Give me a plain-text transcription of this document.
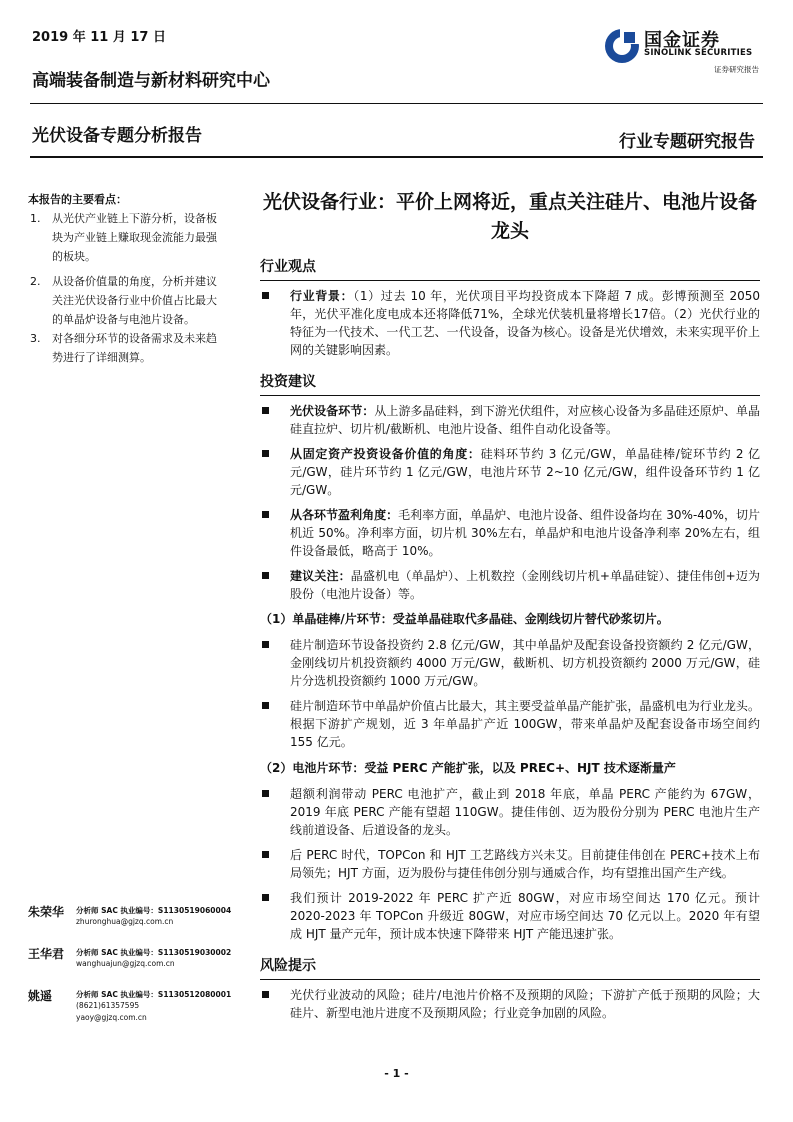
2019 年 11 月 17 日	国金证券
SINOLINK SECURITIES
证券研究报告
高端装备制造与新材料研究中心
光伏设备专题分析报告	行业专题研究报告
本报告的主要看点：
1. 从光伏产业链上下游分析，设备板块为产业链上赚取现金流能力最强的板块。
2. 从设备价值量的角度，分析并建议关注光伏设备行业中价值占比最大的单晶炉设备与电池片设备。
3. 对各细分环节的设备需求及未来趋势进行了详细测算。
朱荣华 分析师 SAC 执业编号：S1130519060004
zhuronghua@gjzq.com.cn
王华君 分析师 SAC 执业编号：S1130519030002
wanghuajun@gjzq.com.cn
姚遥	分析师 SAC 执业编号：S1130512080001
(8621)61357595
yaoy@gjzq.com.cn
光伏设备行业：平价上网将近，重点关注硅片、电池片设备龙头
行业观点
行业背景：（1）过去 10 年，光伏项目平均投资成本下降超 7 成。彭博预测至 2050 年，光伏平准化度电成本还将降低71%，全球光伏装机量将增长17倍。（2）光伏行业的特征为一代技术、一代工艺、一代设备，设备为核心。设备是光伏增效，未来实现平价上网的关键影响因素。
投资建议
光伏设备环节：从上游多晶硅料，到下游光伏组件，对应核心设备为多晶硅还原炉、单晶硅直拉炉、切片机/截断机、电池片设备、组件自动化设备等。
从固定资产投资设备价值的角度：硅料环节约 3 亿元/GW，单晶硅棒/锭环节约 2 亿元/GW，硅片环节约 1 亿元/GW，电池片环节 2~10 亿元/GW，组件设备环节约 1 亿元/GW。
从各环节盈利角度：毛利率方面，单晶炉、电池片设备、组件设备均在 30%-40%，切片机近 50%。净利率方面，切片机 30%左右，单晶炉和电池片设备净利率 20%左右，组件设备最低，略高于 10%。
建议关注：晶盛机电（单晶炉）、上机数控（金刚线切片机+单晶硅锭）、捷佳伟创+迈为股份（电池片设备）等。
（1）单晶硅棒/片环节：受益单晶硅取代多晶硅、金刚线切片替代砂浆切片。
硅片制造环节设备投资约 2.8 亿元/GW，其中单晶炉及配套设备投资额约 2 亿元/GW，金刚线切片机投资额约 4000 万元/GW，截断机、切方机投资额约 2000 万元/GW，硅片分选机投资额约 1000 万元/GW。
硅片制造环节中单晶炉价值占比最大，其主要受益单晶产能扩张，晶盛机电为行业龙头。根据下游扩产规划，近 3 年单晶扩产近 100GW，带来单晶炉及配套设备市场空间约 155 亿元。
（2）电池片环节：受益 PERC 产能扩张，以及 PREC+、HJT 技术逐渐量产
超额利润带动 PERC 电池扩产，截止到 2018 年底，单晶 PERC 产能约为 67GW，2019 年底 PERC 产能有望超 110GW。捷佳伟创、迈为股份分别为 PERC 电池片生产线前道设备、后道设备的龙头。
后 PERC 时代，TOPCon 和 HJT 工艺路线方兴未艾。目前捷佳伟创在 PERC+技术上布局领先；HJT 方面，迈为股份与捷佳伟创分别与通威合作，均有望推出国产生产线。
我们预计 2019-2022 年 PERC 扩产近 80GW，对应市场空间达 170 亿元。预计 2020-2023 年 TOPCon 升级近 80GW，对应市场空间达 70 亿元以上。2020 年有望成 HJT 量产元年，预计成本快速下降带来 HJT 产能迅速扩张。
风险提示
光伏行业波动的风险；硅片/电池片价格不及预期的风险；下游扩产低于预期的风险；大硅片、新型电池片进度不及预期风险；行业竞争加剧的风险。
- 1 -
